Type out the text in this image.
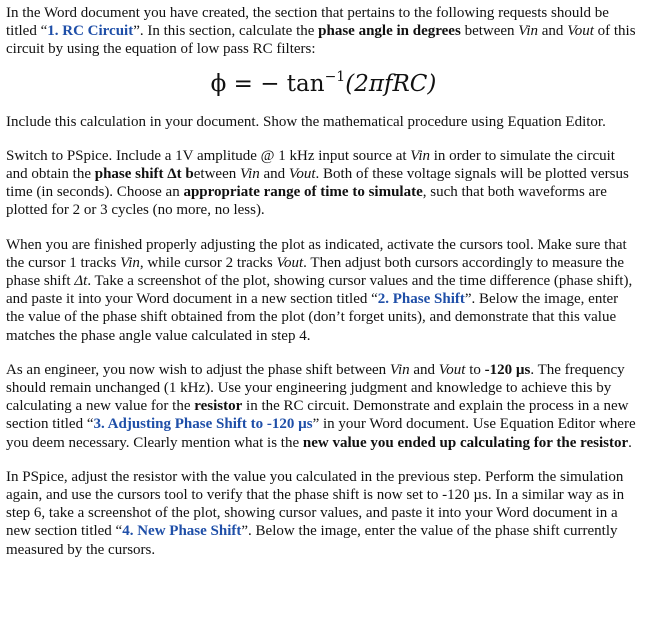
In the Word document you have created, the section that pertains to the following requests should be titled “1. RC Circuit”. In this section, calculate the phase angle in degrees between Vin and Vout of this circuit by using the equation of low pass RC filters:

ϕ = − $\tan^{-1}(2\pi fRC)$

Include this calculation in your document. Show the mathematical procedure using Equation Editor.

Switch to PSpice. Include a 1V amplitude @ 1 kHz input source at Vin in order to simulate the circuit and obtain the phase shift Δt between Vin and Vout. Both of these voltage signals will be plotted versus time (in seconds). Choose an appropriate range of time to simulate, such that both waveforms are plotted for 2 or 3 cycles (no more, no less).

When you are finished properly adjusting the plot as indicated, activate the cursors tool. Make sure that the cursor 1 tracks Vin, while cursor 2 tracks Vout. Then adjust both cursors accordingly to measure the phase shift Δt. Take a screenshot of the plot, showing cursor values and the time difference (phase shift), and paste it into your Word document in a new section titled “2. Phase Shift”. Below the image, enter the value of the phase shift obtained from the plot (don’t forget units), and demonstrate that this value matches the phase angle value calculated in step 4.

As an engineer, you now wish to adjust the phase shift between Vin and Vout to -120 µs. The frequency should remain unchanged (1 kHz). Use your engineering judgment and knowledge to achieve this by calculating a new value for the resistor in the RC circuit. Demonstrate and explain the process in a new section titled “3. Adjusting Phase Shift to -120 µs” in your Word document. Use Equation Editor where you deem necessary. Clearly mention what is the new value you ended up calculating for the resistor.

In PSpice, adjust the resistor with the value you calculated in the previous step. Perform the simulation again, and use the cursors tool to verify that the phase shift is now set to -120 µs. In a similar way as in step 6, take a screenshot of the plot, showing cursor values, and paste it into your Word document in a new section titled “4. New Phase Shift”. Below the image, enter the value of the phase shift currently measured by the cursors.
